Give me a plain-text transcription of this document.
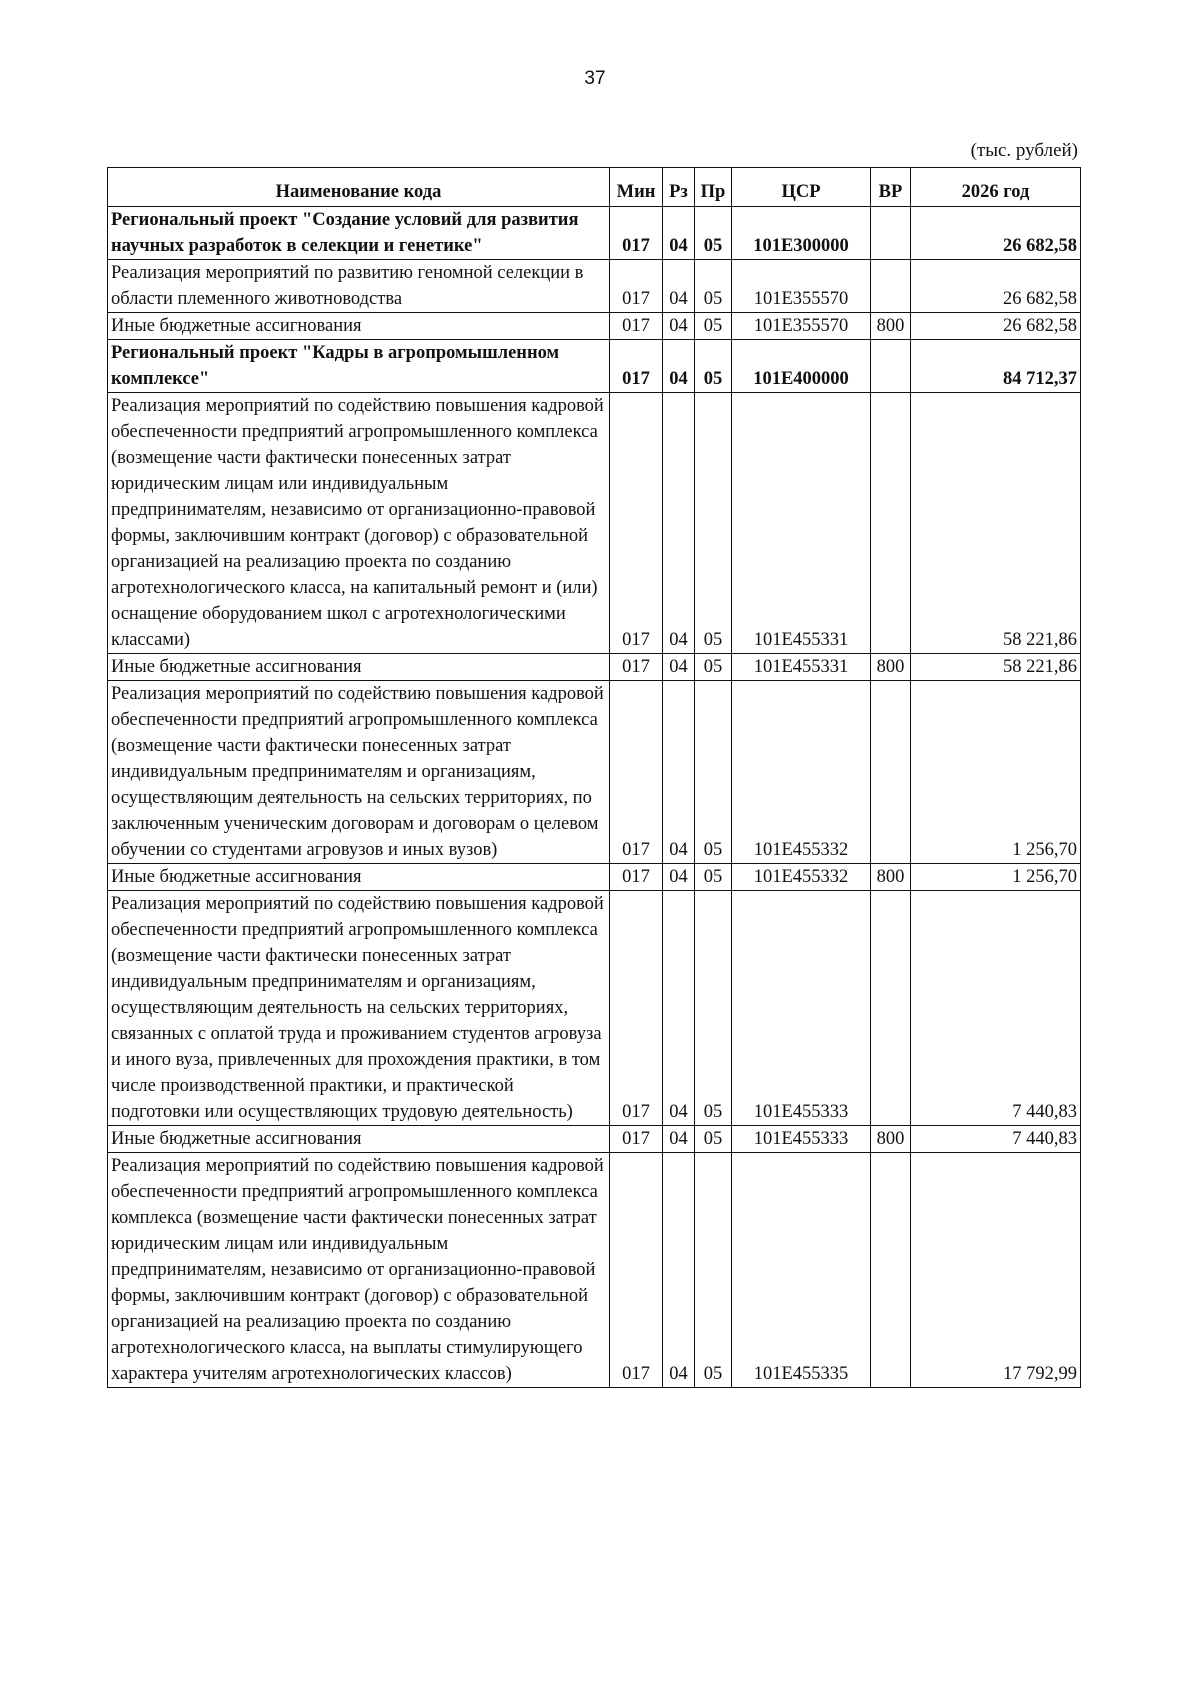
37
(тыс. рублей)
Наименование кода	Мин	Рз	Пр	ЦСР	ВР	2026 год
Региональный проект "Создание условий для развития научных разработок в селекции и генетике"	017	04	05	101Е300000		26 682,58
Реализация мероприятий по развитию геномной селекции в области племенного животноводства	017	04	05	101Е355570		26 682,58
Иные бюджетные ассигнования	017	04	05	101Е355570	800	26 682,58
Региональный проект "Кадры в агропромышленном комплексе"	017	04	05	101Е400000		84 712,37
Реализация мероприятий по содействию повышения кадровой обеспеченности предприятий агропромышленного комплекса (возмещение части фактически понесенных затрат юридическим лицам или индивидуальным предпринимателям, независимо от организационно-правовой формы, заключившим контракт (договор) с образовательной организацией на реализацию проекта по созданию агротехнологического класса, на капитальный ремонт и (или) оснащение оборудованием школ с агротехнологическими классами)	017	04	05	101Е455331		58 221,86
Иные бюджетные ассигнования	017	04	05	101Е455331	800	58 221,86
Реализация мероприятий по содействию повышения кадровой обеспеченности предприятий агропромышленного комплекса (возмещение части фактически понесенных затрат индивидуальным предпринимателям и организациям, осуществляющим деятельность на сельских территориях, по заключенным ученическим договорам и договорам о целевом обучении со студентами агровузов и иных вузов)	017	04	05	101Е455332		1 256,70
Иные бюджетные ассигнования	017	04	05	101Е455332	800	1 256,70
Реализация мероприятий по содействию повышения кадровой обеспеченности предприятий агропромышленного комплекса (возмещение части фактически понесенных затрат индивидуальным предпринимателям и организациям, осуществляющим деятельность на сельских территориях, связанных с оплатой труда и проживанием студентов агровуза и иного вуза, привлеченных для прохождения практики, в том числе производственной практики, и практической подготовки или осуществляющих трудовую деятельность)	017	04	05	101Е455333		7 440,83
Иные бюджетные ассигнования	017	04	05	101Е455333	800	7 440,83
Реализация мероприятий по содействию повышения кадровой обеспеченности предприятий агропромышленного комплекса комплекса (возмещение части фактически понесенных затрат юридическим лицам или индивидуальным предпринимателям, независимо от организационно-правовой формы, заключившим контракт (договор) с образовательной организацией на реализацию проекта по созданию агротехнологического класса, на выплаты стимулирующего характера учителям агротехнологических классов)	017	04	05	101Е455335		17 792,99
